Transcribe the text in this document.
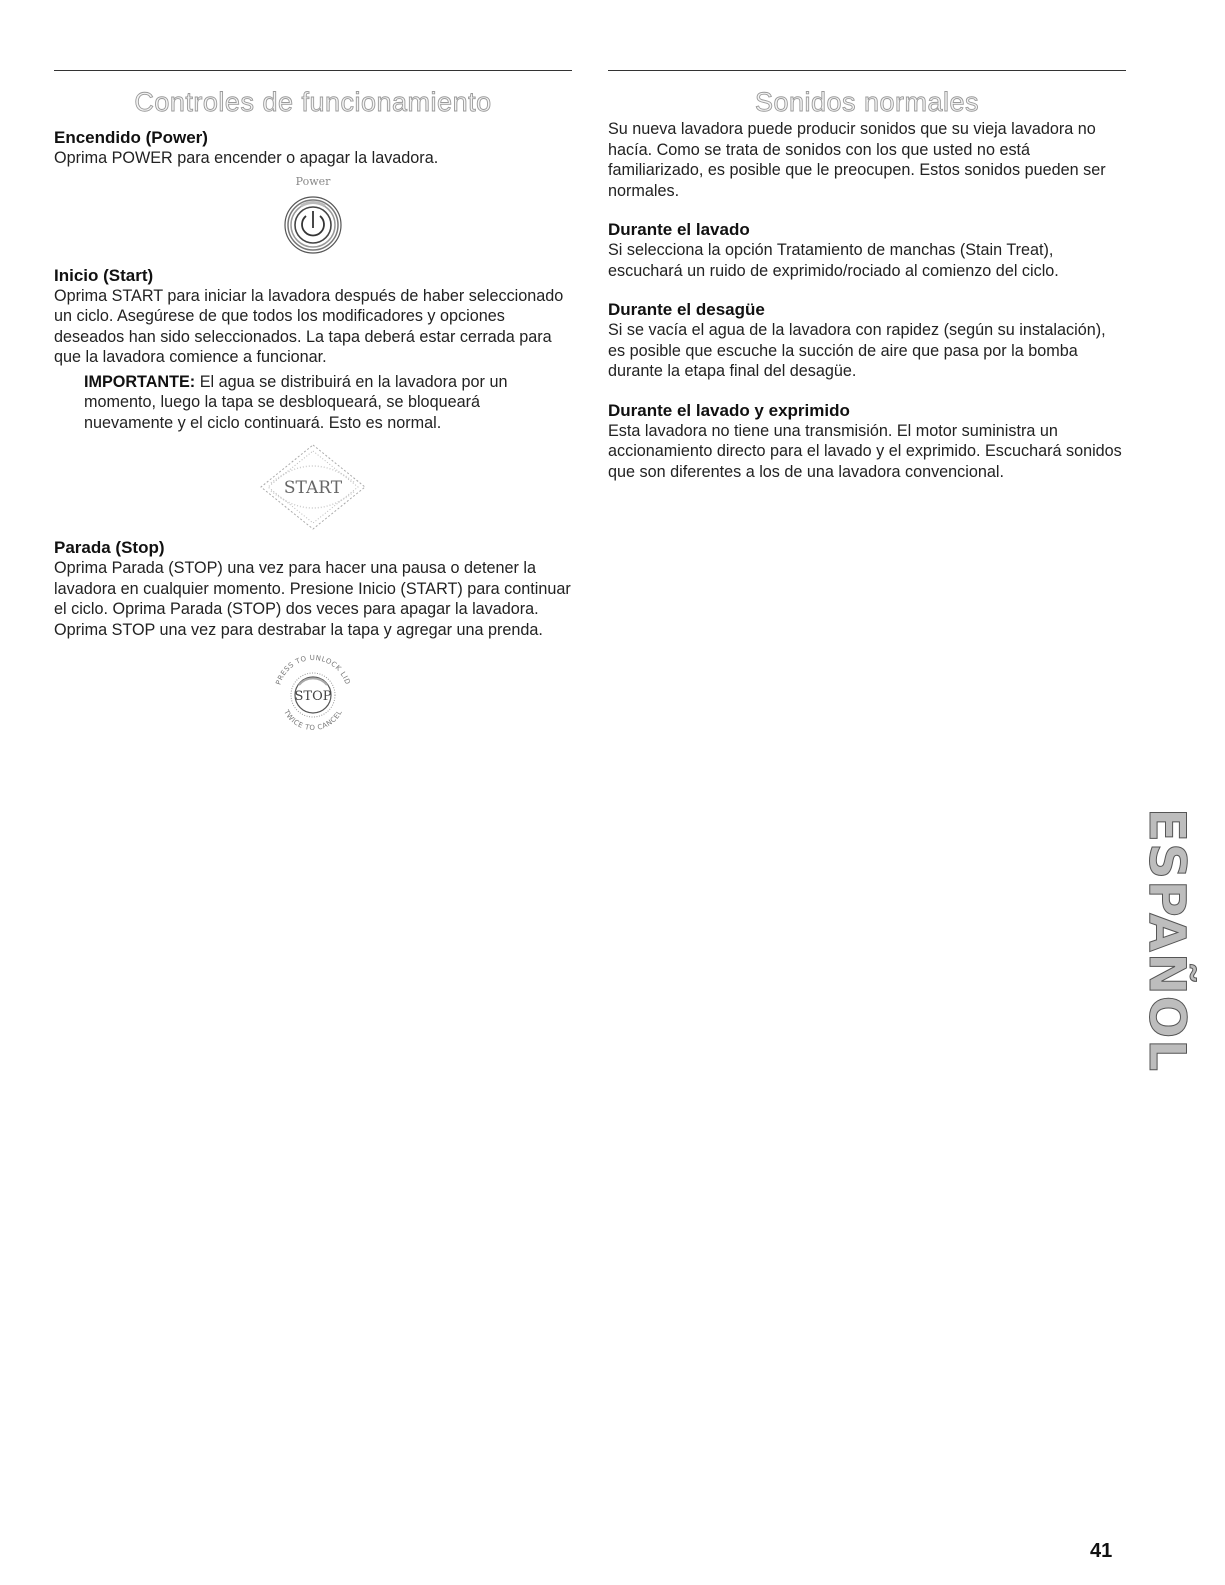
Controles de funcionamiento
Encendido (Power)

Oprima POWER para encender o apagar la lavadora.

Power
Inicio (Start)

Oprima START para iniciar la lavadora después de haber seleccionado un ciclo. Asegúrese de que todos los modificadores y opciones deseados han sido seleccionados. La tapa deberá estar cerrada para que la lavadora comience a funcionar.

IMPORTANTE: El agua se distribuirá en la lavadora por un momento, luego la tapa se desbloqueará, se bloqueará nuevamente y el ciclo continuará. Esto es normal.

START
Parada (Stop)

Oprima Parada (STOP) una vez para hacer una pausa o detener la lavadora en cualquier momento. Presione Inicio (START) para continuar el ciclo. Oprima Parada (STOP) dos veces para apagar la lavadora. Oprima STOP una vez para destrabar la tapa y agregar una prenda.

PRESS TO UNLOCK LID
TWICE TO CANCEL
STOP
Sonidos normales

Su nueva lavadora puede producir sonidos que su vieja lavadora no hacía. Como se trata de sonidos con los que usted no está familiarizado, es posible que le preocupen. Estos sonidos pueden ser normales.

Durante el lavado

Si selecciona la opción Tratamiento de manchas (Stain Treat), escuchará un ruido de exprimido/rociado al comienzo del ciclo.

Durante el desagüe

Si se vacía el agua de la lavadora con rapidez (según su instalación), es posible que escuche la succión de aire que pasa por la bomba durante la etapa final del desagüe.

Durante el lavado y exprimido

Esta lavadora no tiene una transmisión. El motor suministra un accionamiento directo para el lavado y el exprimido. Escuchará sonidos que son diferentes a los de una lavadora convencional.

ESPAÑOL
41
